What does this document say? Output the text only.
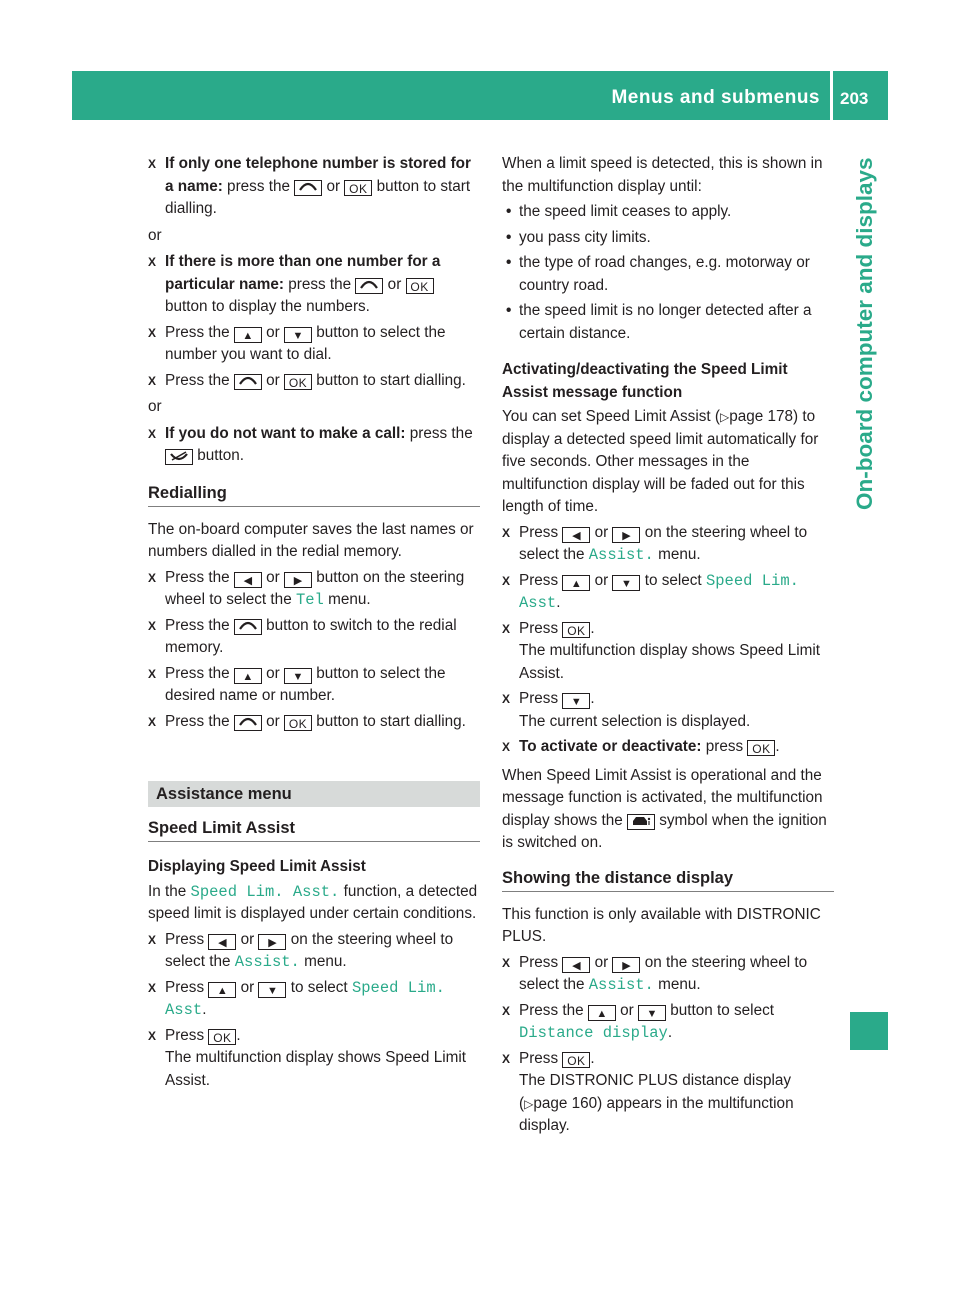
Menus and submenus 203
On-board computer and displays
X If only one telephone number is stored for a name: press the  or OK button to start dialling.
or
X If there is more than one number for a particular name: press the  or OK button to display the numbers.
X Press the ▲ or ▼ button to select the number you want to dial.
X Press the  or OK button to start dialling.
or
X If you do not want to make a call: press the  button.
Redialling
The on-board computer saves the last names or numbers dialled in the redial memory.
X Press the ◀ or ▶ button on the steering wheel to select the Tel menu.
X Press the  button to switch to the redial memory.
X Press the ▲ or ▼ button to select the desired name or number.
X Press the  or OK button to start dialling.
Assistance menu
Speed Limit Assist
Displaying Speed Limit Assist
In the Speed Lim. Asst. function, a detected speed limit is displayed under certain conditions.
X Press ◀ or ▶ on the steering wheel to select the Assist. menu.
X Press ▲ or ▼ to select Speed Lim. Asst.
X Press OK .
The multifunction display shows Speed Limit Assist.
When a limit speed is detected, this is shown in the multifunction display until:
• the speed limit ceases to apply.
• you pass city limits.
• the type of road changes, e.g. motorway or country road.
• the speed limit is no longer detected after a certain distance.
Activating/deactivating the Speed Limit Assist message function
You can set Speed Limit Assist (▷page 178) to display a detected speed limit automatically for five seconds. Other messages in the multifunction display will be faded out for this length of time.
X Press ◀ or ▶ on the steering wheel to select the Assist. menu.
X Press ▲ or ▼ to select Speed Lim. Asst.
X Press OK .
The multifunction display shows Speed Limit Assist.
X Press ▼ .
The current selection is displayed.
X To activate or deactivate: press OK .
When Speed Limit Assist is operational and the message function is activated, the multifunction display shows the  symbol when the ignition is switched on.
Showing the distance display
This function is only available with DISTRONIC PLUS.
X Press ◀ or ▶ on the steering wheel to select the Assist. menu.
X Press the ▲ or ▼ button to select Distance display.
X Press OK .
The DISTRONIC PLUS distance display (▷page 160) appears in the multifunction display.
